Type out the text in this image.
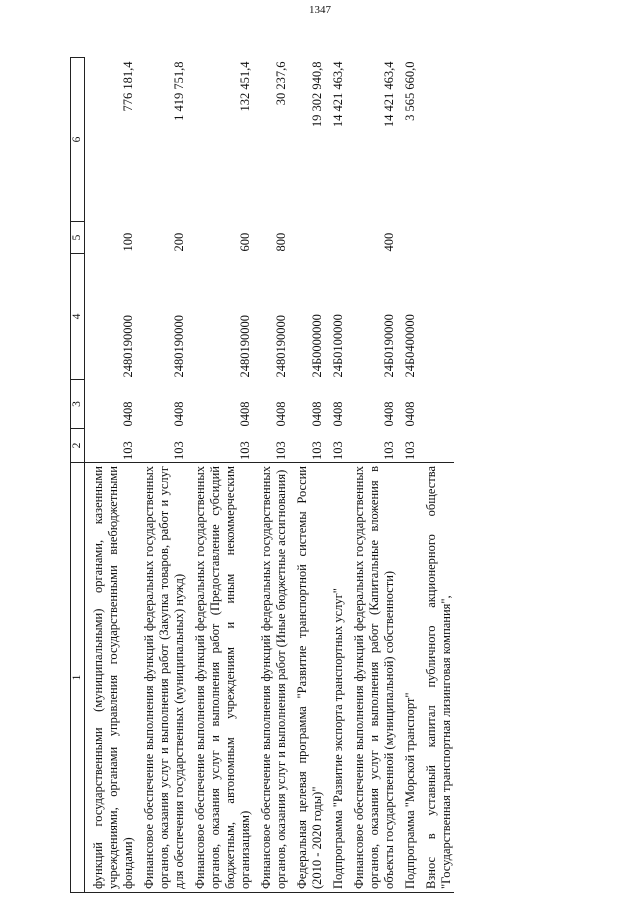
1347
1	2	3	4	5	6
функций государственными (муниципальными) органами, казенными учреждениями, органами управления государственными внебюджетными фондами)	103	0408	2480190000	100	776 181,4
Финансовое обеспечение выполнения функций федеральных государственных органов, оказания услуг и выполнения работ (Закупка товаров, работ и услуг для обеспечения государственных (муниципальных) нужд)	103	0408	2480190000	200	1 419 751,8
Финансовое обеспечение выполнения функций федеральных государственных органов, оказания услуг и выполнения работ (Предоставление субсидий бюджетным, автономным учреждениям и иным некоммерческим организациям)	103	0408	2480190000	600	132 451,4
Финансовое обеспечение выполнения функций федеральных государственных органов, оказания услуг и выполнения работ (Иные бюджетные ассигнования)	103	0408	2480190000	800	30 237,6
Федеральная целевая программа "Развитие транспортной системы России (2010 - 2020 годы)"	103	0408	24Б0000000		19 302 940,8
Подпрограмма "Развитие экспорта транспортных услуг"	103	0408	24Б0100000		14 421 463,4
Финансовое обеспечение выполнения функций федеральных государственных органов, оказания услуг и выполнения работ (Капитальные вложения в объекты государственной (муниципальной) собственности)	103	0408	24Б0190000	400	14 421 463,4
Подпрограмма "Морской транспорт"	103	0408	24Б0400000		3 565 660,0
Взнос в уставный капитал публичного акционерного общества "Государственная транспортная лизинговая компания",					
